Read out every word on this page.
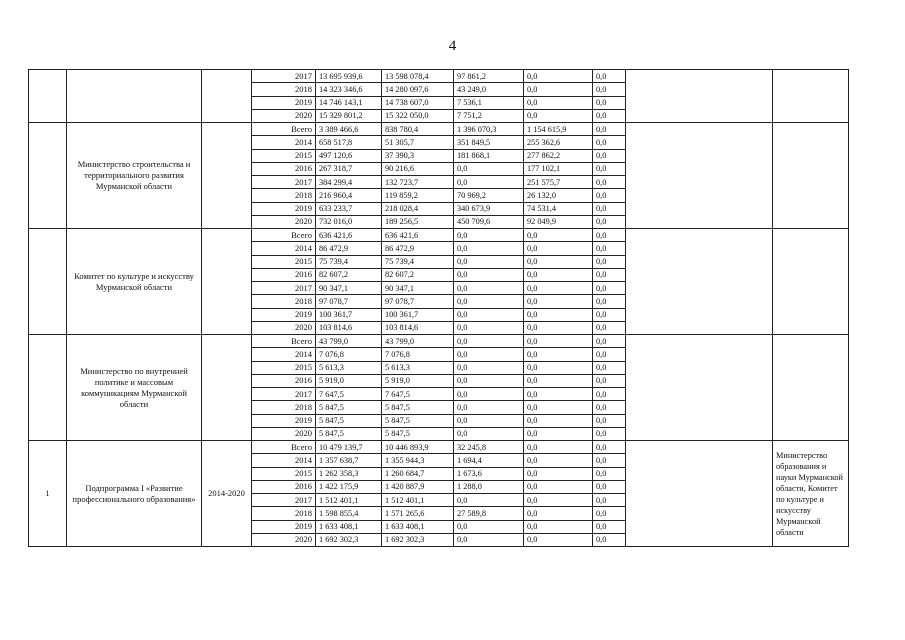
4
			2017	13 695 939,6	13 598 078,4	97 861,2	0,0	0,0		
			2018	14 323 346,6	14 280 097,6	43 249,0	0,0	0,0		
			2019	14 746 143,1	14 738 607,0	7 536,1	0,0	0,0		
			2020	15 329 801,2	15 322 050,0	7 751,2	0,0	0,0		
	Министерство строительства и территориального развития Мурманской области		Всего	3 389 466,6	838 780,4	1 396 070,3	1 154 615,9	0,0		
			2014	658 517,8	51 305,7	351 849,5	255 362,6	0,0		
			2015	497 120,6	37 390,3	181 868,1	277 862,2	0,0		
			2016	267 318,7	90 216,6	0,0	177 102,1	0,0		
			2017	384 299,4	132 723,7	0,0	251 575,7	0,0		
			2018	216 960,4	119 859,2	70 969,2	26 132,0	0,0		
			2019	633 233,7	218 028,4	340 673,9	74 531,4	0,0		
			2020	732 016,0	189 256,5	450 709,6	92 049,9	0,0		
	Комитет по культуре и искусству Мурманской области		Всего	636 421,6	636 421,6	0,0	0,0	0,0		
			2014	86 472,9	86 472,9	0,0	0,0	0,0		
			2015	75 739,4	75 739,4	0,0	0,0	0,0		
			2016	82 607,2	82 607,2	0,0	0,0	0,0		
			2017	90 347,1	90 347,1	0,0	0,0	0,0		
			2018	97 078,7	97 078,7	0,0	0,0	0,0		
			2019	100 361,7	100 361,7	0,0	0,0	0,0		
			2020	103 814,6	103 814,6	0,0	0,0	0,0		
	Министерство по внутренней политике и массовым коммуникациям Мурманской области		Всего	43 799,0	43 799,0	0,0	0,0	0,0		
			2014	7 076,8	7 076,8	0,0	0,0	0,0		
			2015	5 613,3	5 613,3	0,0	0,0	0,0		
			2016	5 919,0	5 919,0	0,0	0,0	0,0		
			2017	7 647,5	7 647,5	0,0	0,0	0,0		
			2018	5 847,5	5 847,5	0,0	0,0	0,0		
			2019	5 847,5	5 847,5	0,0	0,0	0,0		
			2020	5 847,5	5 847,5	0,0	0,0	0,0		
1	Подпрограмма I «Развитие профессионального образования»	2014-2020	Всего	10 479 139,7	10 446 893,9	32 245,8	0,0	0,0		Министерство образования и науки Мурманской области, Комитет по культуре и искусству Мурманской области
			2014	1 357 638,7	1 355 944,3	1 694,4	0,0	0,0		
			2015	1 262 358,3	1 260 684,7	1 673,6	0,0	0,0		
			2016	1 422 175,9	1 420 887,9	1 288,0	0,0	0,0		
			2017	1 512 401,1	1 512 401,1	0,0	0,0	0,0		
			2018	1 598 855,4	1 571 265,6	27 589,8	0,0	0,0		
			2019	1 633 408,1	1 633 408,1	0,0	0,0	0,0		
			2020	1 692 302,3	1 692 302,3	0,0	0,0	0,0		
